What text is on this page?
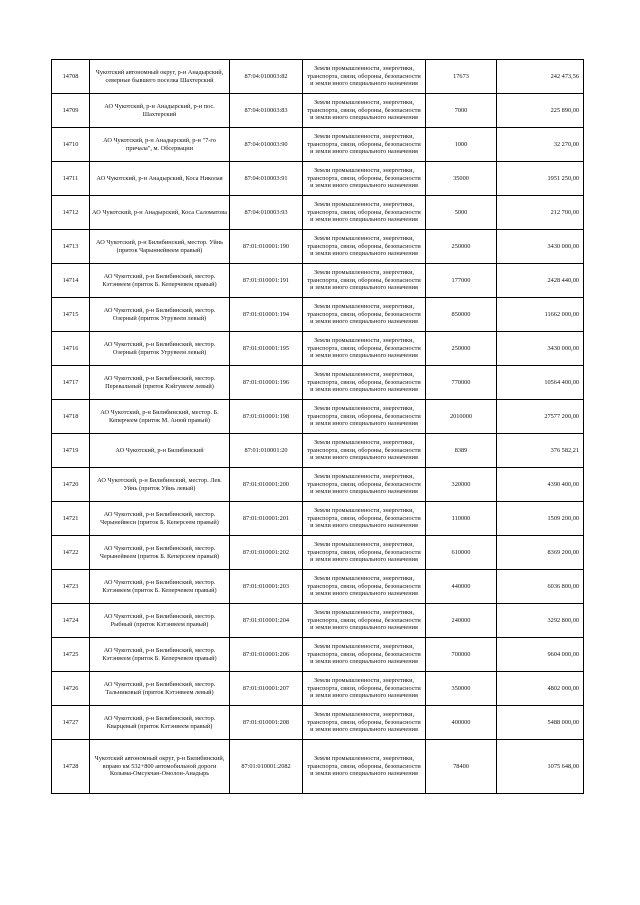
14708	Чукотский автономный округ, р-н Анадырский, северные бывшего поселка Шахтерский	87:04:010003:82	Земли промышленности, энергетики, транспорта, связи, обороны, безопасности и земли иного специального назначения	17673	242 473,56
14709	АО Чукотский, р-н Анадырский, р-н пос. Шахтерский	87:04:010003:83	Земли промышленности, энергетики, транспорта, связи, обороны, безопасности и земли иного специального назначения	7000	225 890,00
14710	АО Чукотский, р-н Анадырский, р-н "7-го причала", м. Обсервации	87:04:010003:90	Земли промышленности, энергетики, транспорта, связи, обороны, безопасности и земли иного специального назначения	1000	32 270,00
14711	АО Чукотский, р-н Анадырский, Коса Николая	87:04:010003:91	Земли промышленности, энергетики, транспорта, связи, обороны, безопасности и земли иного специального назначения	35000	1951 250,00
14712	АО Чукотский, р-н Анадырский, Коса Саломатова	87:04:010003:93	Земли промышленности, энергетики, транспорта, связи, обороны, безопасности и земли иного специального назначения	5000	212 700,00
14713	АО Чукотский, р-н Билибинский, местор. Уйнь (приток Чарыннейвеем правый)	87:01:010001:190	Земли промышленности, энергетики, транспорта, связи, обороны, безопасности и земли иного специального назначения	250000	3430 000,00
14714	АО Чукотский, р-н Билибинский, местор. Кэтэнвеем (приток Б. Кеперчевем правый)	87:01:010001:191	Земли промышленности, энергетики, транспорта, связи, обороны, безопасности и земли иного специального назначения	177000	2428 440,00
14715	АО Чукотский, р-н Билибинский, местор. Озерный (приток Угрувеем левый)	87:01:010001:194	Земли промышленности, энергетики, транспорта, связи, обороны, безопасности и земли иного специального назначения	850000	11662 000,00
14716	АО Чукотский, р-н Билибинский, местор. Озерный (приток Угрувеем левый)	87:01:010001:195	Земли промышленности, энергетики, транспорта, связи, обороны, безопасности и земли иного специального назначения	250000	3430 000,00
14717	АО Чукотский, р-н Билибинский, местор. Перевальный (приток Кэйгувеем левый)	87:01:010001:196	Земли промышленности, энергетики, транспорта, связи, обороны, безопасности и земли иного специального назначения	770000	10564 400,00
14718	АО Чукотский, р-н Билибинский, местор. Б. Кеперчеем (приток М. Анюй правый)	87:01:010001:198	Земли промышленности, энергетики, транспорта, связи, обороны, безопасности и земли иного специального назначения	2010000	27577 200,00
14719	АО Чукотский, р-н Билибинский	87:01:010001:20	Земли промышленности, энергетики, транспорта, связи, обороны, безопасности и земли иного специального назначения	8389	376 582,21
14720	АО Чукотский, р-н Билибинский, местор. Лев. Уйнь (приток Уйнь левый)	87:01:010001:200	Земли промышленности, энергетики, транспорта, связи, обороны, безопасности и земли иного специального назначения	320000	4390 400,00
14721	АО Чукотский, р-н Билибинский, местор. Черынейвеси (приток Б. Кеперсеем правый)	87:01:010001:201	Земли промышленности, энергетики, транспорта, связи, обороны, безопасности и земли иного специального назначения	110000	1509 200,00
14722	АО Чукотский, р-н Билибинский, местор. Черынейвеем (приток Б. Кеперсеем правый)	87:01:010001:202	Земли промышленности, энергетики, транспорта, связи, обороны, безопасности и земли иного специального назначения	610000	8369 200,00
14723	АО Чукотский, р-н Билибинский, местор. Кэтэнвеем (приток Б. Кеперчевем правый)	87:01:010001:203	Земли промышленности, энергетики, транспорта, связи, обороны, безопасности и земли иного специального назначения	440000	6036 800,00
14724	АО Чукотский, р-н Билибинский, местор. Рыбный (приток Кэтэнвеем правый)	87:01:010001:204	Земли промышленности, энергетики, транспорта, связи, обороны, безопасности и земли иного специального назначения	240000	3292 800,00
14725	АО Чукотский, р-н Билибинский, местор. Кэтэнвеем (приток Б. Кеперчевем правый)	87:01:010001:206	Земли промышленности, энергетики, транспорта, связи, обороны, безопасности и земли иного специального назначения	700000	9604 000,00
14726	АО Чукотский, р-н Билибинский, местор. Тальниковый (приток Кэтэнвеем левый)	87:01:010001:207	Земли промышленности, энергетики, транспорта, связи, обороны, безопасности и земли иного специального назначения	350000	4802 000,00
14727	АО Чукотский, р-н Билибинский, местор. Кварцевый (приток Кэтэнвеем правый)	87:01:010001:208	Земли промышленности, энергетики, транспорта, связи, обороны, безопасности и земли иного специального назначения	400000	5488 000,00
14728	Чукотский автономный округ, р-н Билибинский, вправо км 532+800 автомобильной дороги Колыма-Омсукчан-Омолон-Анадырь	87:01:010001:2082	Земли промышленности, энергетики, транспорта, связи, обороны, безопасности и земли иного специального назначения	78400	1075 648,00
